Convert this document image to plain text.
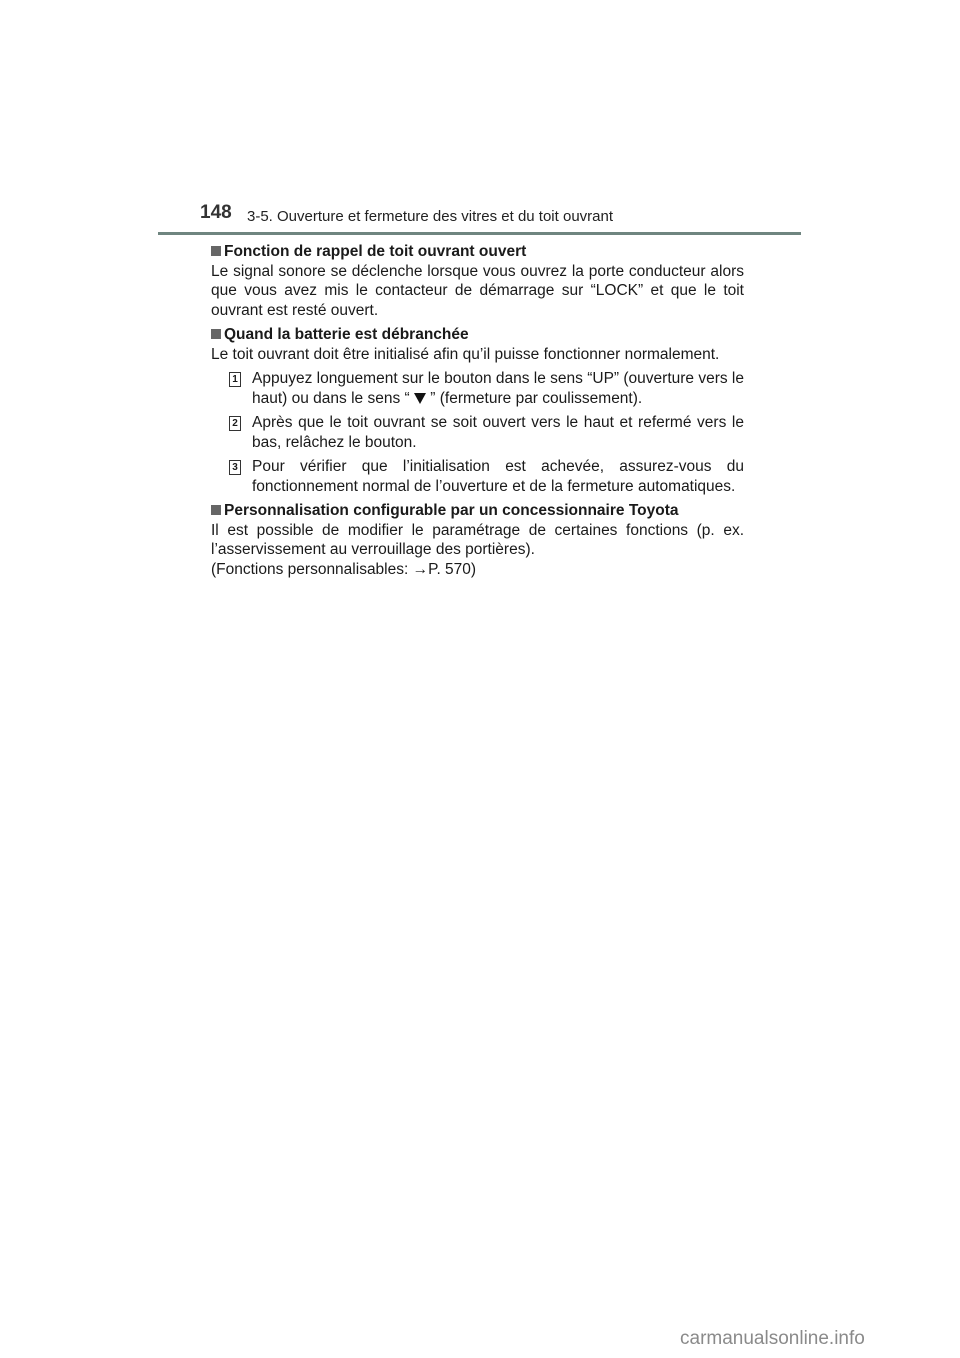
148 3-5. Ouverture et fermeture des vitres et du toit ouvrant
Fonction de rappel de toit ouvrant ouvert
Le signal sonore se déclenche lorsque vous ouvrez la porte conducteur alors que vous avez mis le contacteur de démarrage sur “LOCK” et que le toit ouvrant est resté ouvert.
Quand la batterie est débranchée
Le toit ouvrant doit être initialisé afin qu’il puisse fonctionner normalement.
1 Appuyez longuement sur le bouton dans le sens “UP” (ouverture vers le haut) ou dans le sens “  ” (fermeture par coulissement).
2 Après que le toit ouvrant se soit ouvert vers le haut et refermé vers le bas, relâchez le bouton.
3 Pour vérifier que l’initialisation est achevée, assurez-vous du
fonctionnement normal de l’ouverture et de la fermeture automatiques.
Personnalisation configurable par un concessionnaire Toyota
Il est possible de modifier le paramétrage de certaines fonctions (p. ex. l’asservissement au verrouillage des portières).
(Fonctions personnalisables: →P. 570)
carmanualsonline.info
